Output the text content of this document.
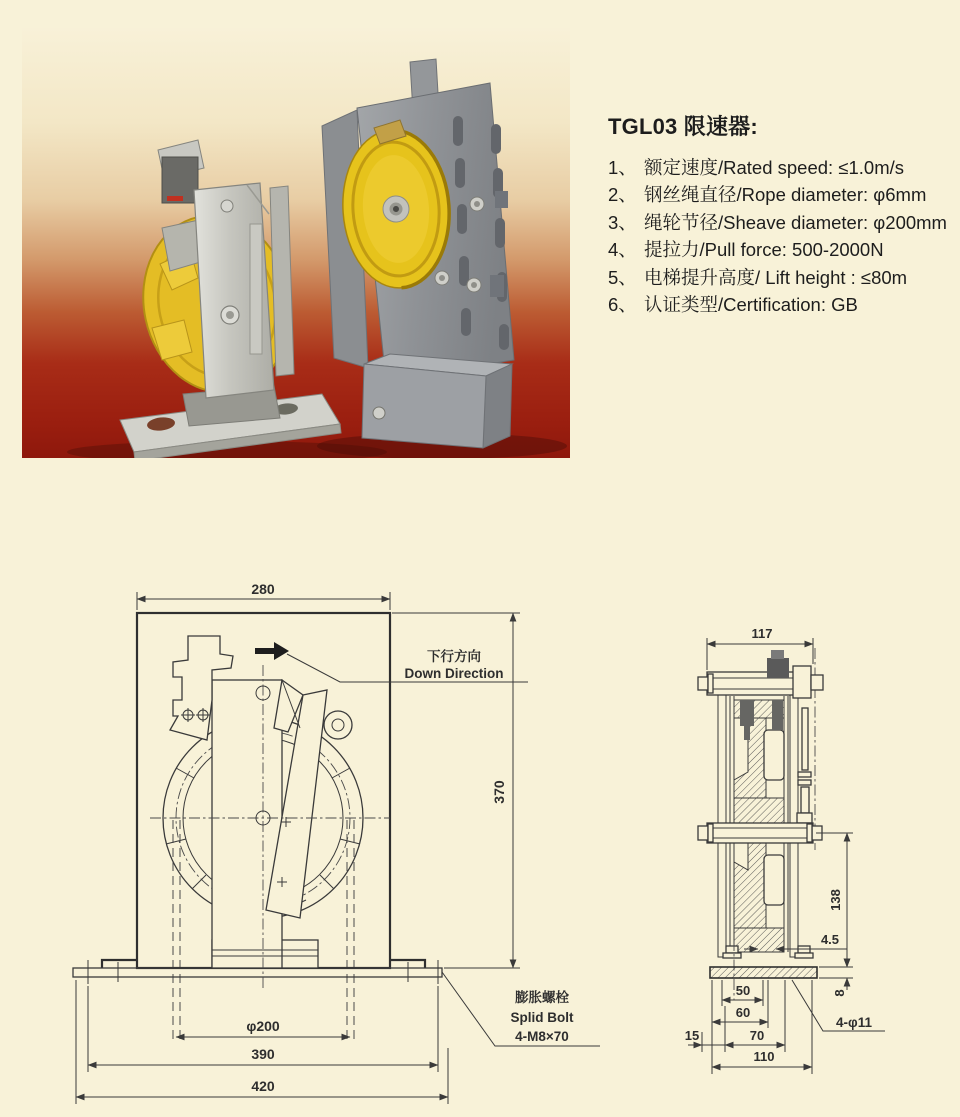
TGL03 限速器:
1、 额定速度/Rated speed: ≤1.0m/s
2、 钢丝绳直径/Rope diameter: φ6mm
3、 绳轮节径/Sheave diameter: φ200mm
4、 提拉力/Pull force: 500-2000N
5、 电梯提升高度/ Lift height : ≤80m
6、 认证类型/Certification: GB
下行方向
Down Direction
280
370
φ200
390
420
膨胀螺栓
Splid Bolt
4-M8×70
117
138
4.5
8
50
60
15	70
110
4-φ11
